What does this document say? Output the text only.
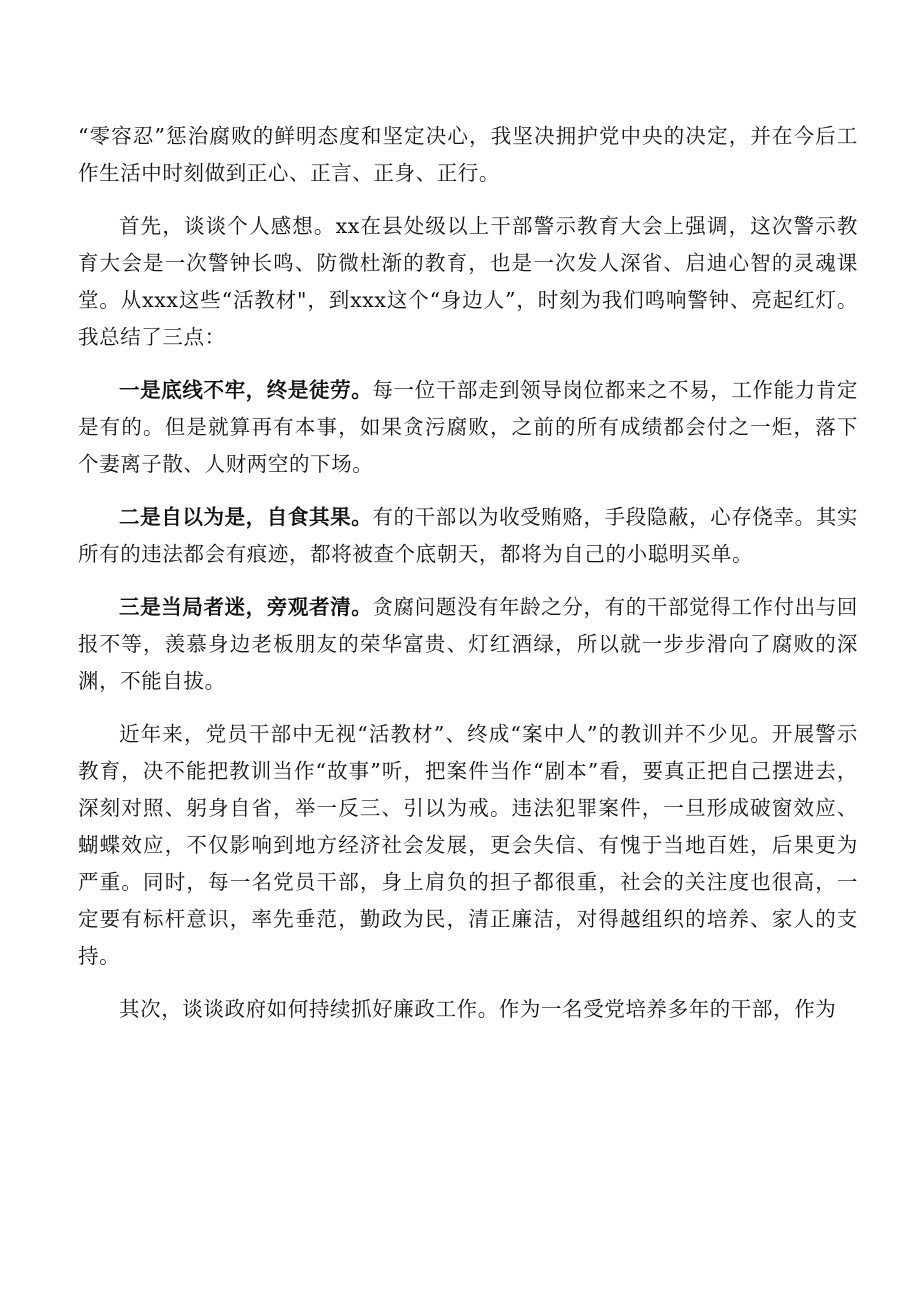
“零容忍”惩治腐败的鲜明态度和坚定决心，我坚决拥护党中央的决定，并在今后工作生活中时刻做到正心、正言、正身、正行。

首先，谈谈个人感想。xx在县处级以上干部警示教育大会上强调，这次警示教育大会是一次警钟长鸣、防微杜渐的教育，也是一次发人深省、启迪心智的灵魂课堂。从xxx这些“活教材"，到xxx这个“身边人”，时刻为我们鸣响警钟、亮起红灯。我总结了三点：

一是底线不牢，终是徒劳。每一位干部走到领导岗位都来之不易，工作能力肯定是有的。但是就算再有本事，如果贪污腐败，之前的所有成绩都会付之一炬，落下个妻离子散、人财两空的下场。

二是自以为是，自食其果。有的干部以为收受贿赂，手段隐蔽，心存侥幸。其实所有的违法都会有痕迹，都将被查个底朝天，都将为自己的小聪明买单。

三是当局者迷，旁观者清。贪腐问题没有年龄之分，有的干部觉得工作付出与回报不等，羡慕身边老板朋友的荣华富贵、灯红酒绿，所以就一步步滑向了腐败的深渊，不能自拔。

近年来，党员干部中无视“活教材”、终成“案中人”的教训并不少见。开展警示教育，决不能把教训当作“故事”听，把案件当作“剧本”看，要真正把自己摆进去，深刻对照、躬身自省，举一反三、引以为戒。违法犯罪案件，一旦形成破窗效应、蝴蝶效应，不仅影响到地方经济社会发展，更会失信、有愧于当地百姓，后果更为严重。同时，每一名党员干部，身上肩负的担子都很重，社会的关注度也很高，一定要有标杆意识，率先垂范，勤政为民，清正廉洁，对得越组织的培养、家人的支持。

其次，谈谈政府如何持续抓好廉政工作。作为一名受党培养多年的干部，作为
